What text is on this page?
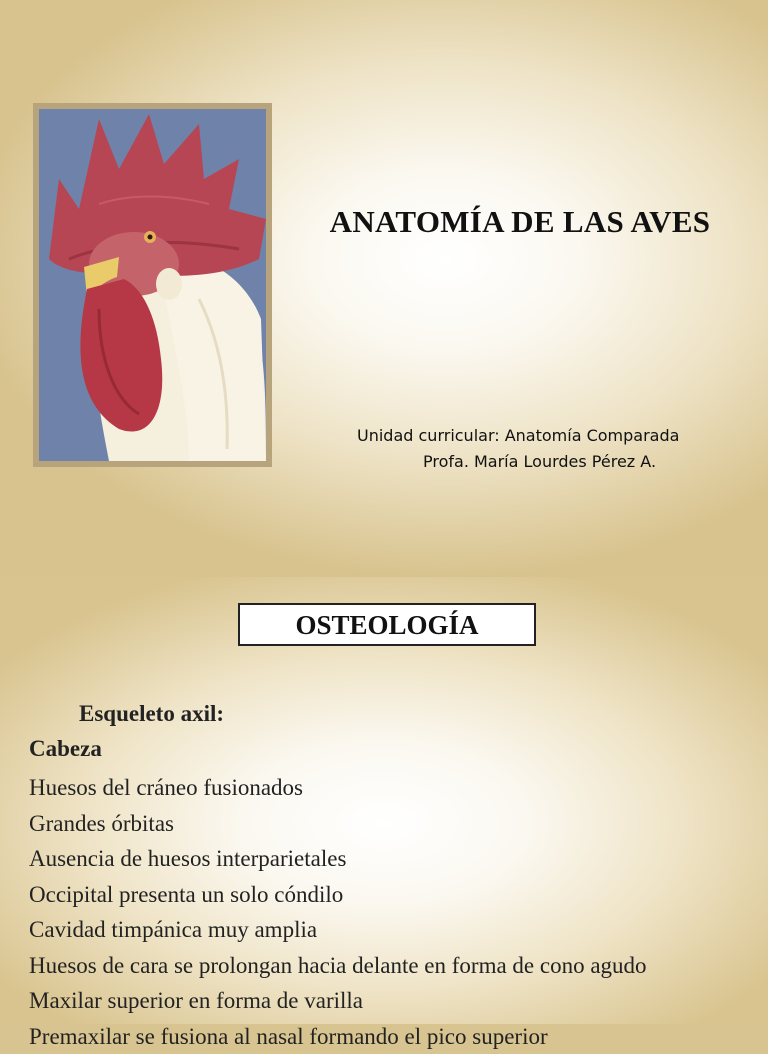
ANATOMÍA DE LAS AVES
Unidad curricular: Anatomía Comparada
Profa. María Lourdes Pérez A.
OSTEOLOGÍA
Esqueleto axil:
Cabeza
Huesos del cráneo fusionados
Grandes órbitas
Ausencia de huesos interparietales
Occipital presenta un solo cóndilo
Cavidad timpánica muy amplia
Huesos de cara se prolongan hacia delante en forma de cono agudo
Maxilar superior en forma de varilla
Premaxilar se fusiona al nasal formando el pico superior
